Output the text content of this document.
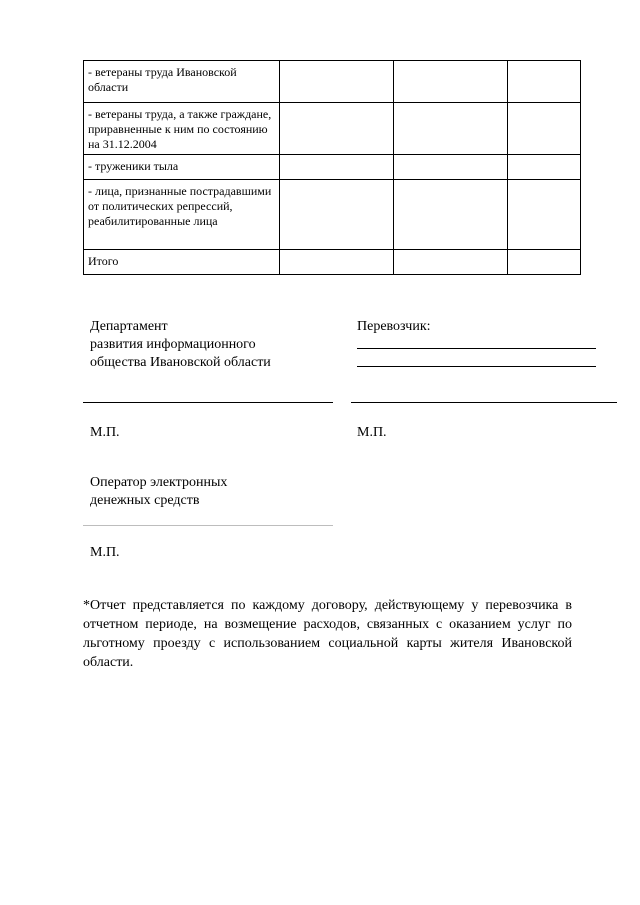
- ветераны труда Ивановской области			
- ветераны труда, а также граждане, приравненные к ним по состоянию на 31.12.2004			
- труженики тыла			
- лица, признанные пострадавшими от политических репрессий, реабилитированные лица			
Итого			

Департамент

развития информационного

общества Ивановской области

М.П.

Перевозчик:

М.П.

Оператор электронных

денежных средств

М.П.

*Отчет представляется по каждому договору, действующему у перевозчика в отчетном периоде, на возмещение расходов, связанных с оказанием услуг по льготному проезду с использованием социальной карты жителя Ивановской области.
